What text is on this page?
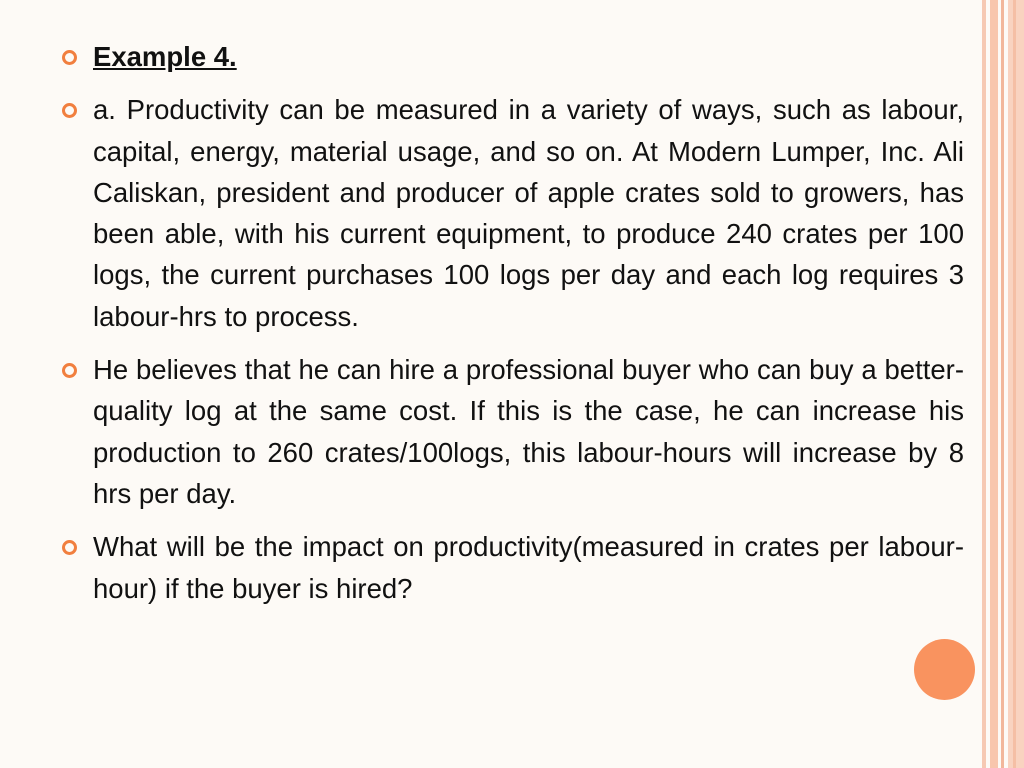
Example 4.
a. Productivity can be measured in a variety of ways, such as labour, capital, energy, material usage, and so on. At Modern Lumper, Inc. Ali Caliskan, president and producer of apple crates sold to growers, has been able, with his current equipment, to produce 240 crates per 100 logs, the current purchases 100 logs per day and each log requires 3 labour-hrs to process.
He believes that he can hire a professional buyer who can buy a better-quality log at the same cost. If this is the case, he can increase his production to 260 crates/100logs, this labour-hours will increase by 8 hrs per day.
What will be the impact on productivity(measured in crates per labour-hour) if the buyer is hired?
